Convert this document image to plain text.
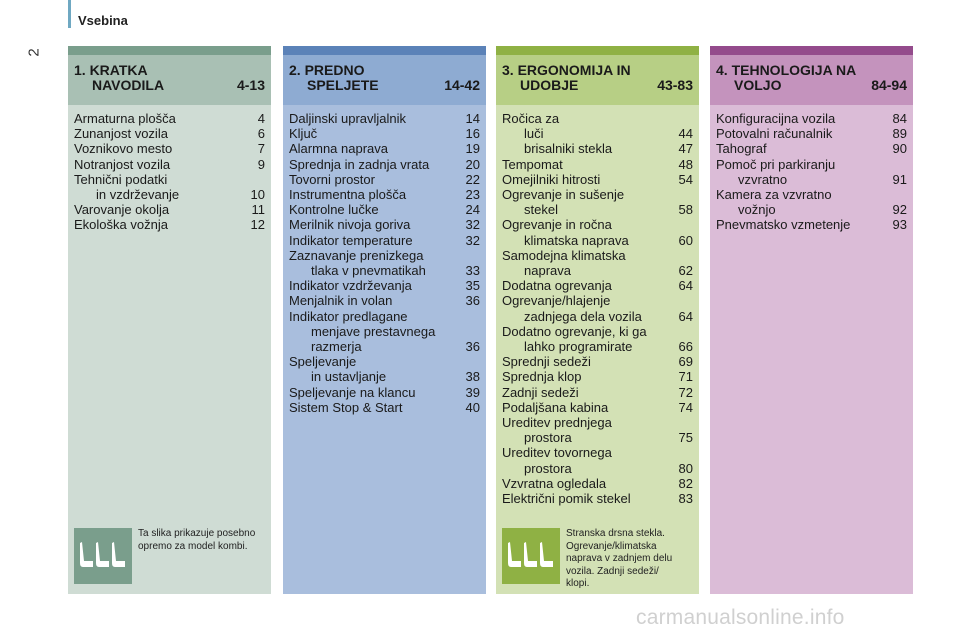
Vsebina
2
1. KRATKA
NAVODILA	4-13
Armaturna plošča	4
Zunanjost vozila	6
Voznikovo mesto	7
Notranjost vozila	9
Tehnični podatki
in vzdrževanje	10
Varovanje okolja	11
Ekološka vožnja	12
Ta slika prikazuje posebno opremo za model kombi.
2. PREDNO
SPELJETE	14-42
Daljinski upravljalnik	14
Ključ	16
Alarmna naprava	19
Sprednja in zadnja vrata	20
Tovorni prostor	22
Instrumentna plošča	23
Kontrolne lučke	24
Merilnik nivoja goriva	32
Indikator temperature	32
Zaznavanje prenizkega
tlaka v pnevmatikah	33
Indikator vzdrževanja	35
Menjalnik in volan	36
Indikator predlagane
menjave prestavnega
razmerja	36
Speljevanje
in ustavljanje	38
Speljevanje na klancu	39
Sistem Stop & Start	40
3. ERGONOMIJA IN
UDOBJE	43-83
Ročica za
luči	44
brisalniki stekla	47
Tempomat	48
Omejilniki hitrosti	54
Ogrevanje in sušenje
stekel	58
Ogrevanje in ročna
klimatska naprava	60
Samodejna klimatska
naprava	62
Dodatna ogrevanja	64
Ogrevanje/hlajenje
zadnjega dela vozila	64
Dodatno ogrevanje, ki ga
lahko programirate	66
Sprednji sedeži	69
Sprednja klop	71
Zadnji sedeži	72
Podaljšana kabina	74
Ureditev prednjega
prostora	75
Ureditev tovornega
prostora	80
Vzvratna ogledala	82
Električni pomik stekel	83
Stranska drsna stekla. Ogrevanje/klimatska naprava v zadnjem delu vozila. Zadnji sedeži/ klopi.
4. TEHNOLOGIJA NA
VOLJO	84-94
Konfiguracijna vozila	84
Potovalni računalnik	89
Tahograf	90
Pomoč pri parkiranju
vzvratno	91
Kamera za vzvratno
vožnjo	92
Pnevmatsko vzmetenje	93
carmanualsonline.info
